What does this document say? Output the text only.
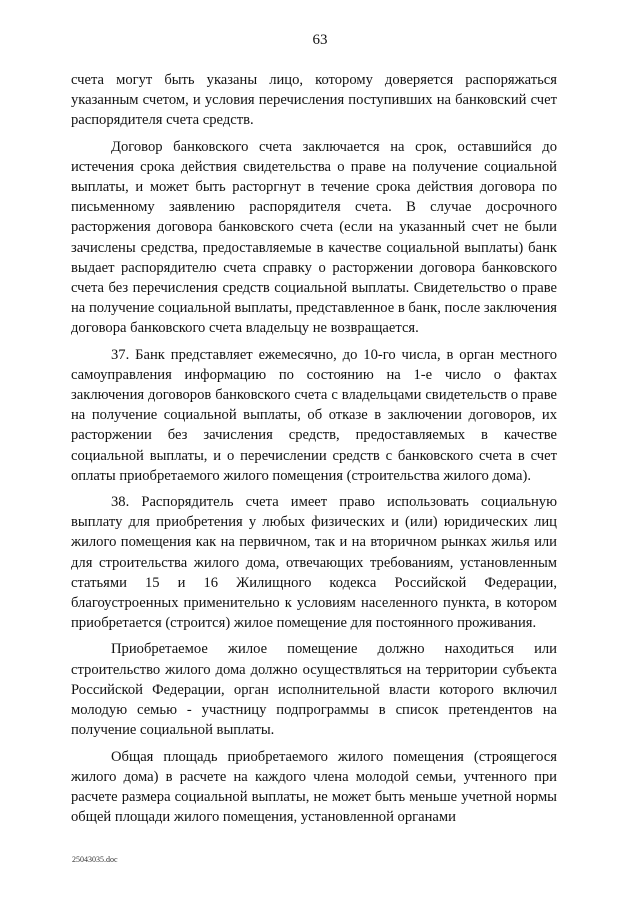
63

счета могут быть указаны лицо, которому доверяется распоряжаться указанным счетом, и условия перечисления поступивших на банковский счет распорядителя счета средств.

Договор банковского счета заключается на срок, оставшийся до истечения срока действия свидетельства о праве на получение социальной выплаты, и может быть расторгнут в течение срока действия договора по письменному заявлению распорядителя счета. В случае досрочного расторжения договора банковского счета (если на указанный счет не были зачислены средства, предоставляемые в качестве социальной выплаты) банк выдает распорядителю счета справку о расторжении договора банковского счета без перечисления средств социальной выплаты. Свидетельство о праве на получение социальной выплаты, представленное в банк, после заключения договора банковского счета владельцу не возвращается.

37. Банк представляет ежемесячно, до 10-го числа, в орган местного самоуправления информацию по состоянию на 1-е число о фактах заключения договоров банковского счета с владельцами свидетельств о праве на получение социальной выплаты, об отказе в заключении договоров, их расторжении без зачисления средств, предоставляемых в качестве социальной выплаты, и о перечислении средств с банковского счета в счет оплаты приобретаемого жилого помещения (строительства жилого дома).

38. Распорядитель счета имеет право использовать социальную выплату для приобретения у любых физических и (или) юридических лиц жилого помещения как на первичном, так и на вторичном рынках жилья или для строительства жилого дома, отвечающих требованиям, установленным статьями 15 и 16 Жилищного кодекса Российской Федерации, благоустроенных применительно к условиям населенного пункта, в котором приобретается (строится) жилое помещение для постоянного проживания.

Приобретаемое жилое помещение должно находиться или строительство жилого дома должно осуществляться на территории субъекта Российской Федерации, орган исполнительной власти которого включил молодую семью - участницу подпрограммы в список претендентов на получение социальной выплаты.

Общая площадь приобретаемого жилого помещения (строящегося жилого дома) в расчете на каждого члена молодой семьи, учтенного при расчете размера социальной выплаты, не может быть меньше учетной нормы общей площади жилого помещения, установленной органами

25043035.doc
